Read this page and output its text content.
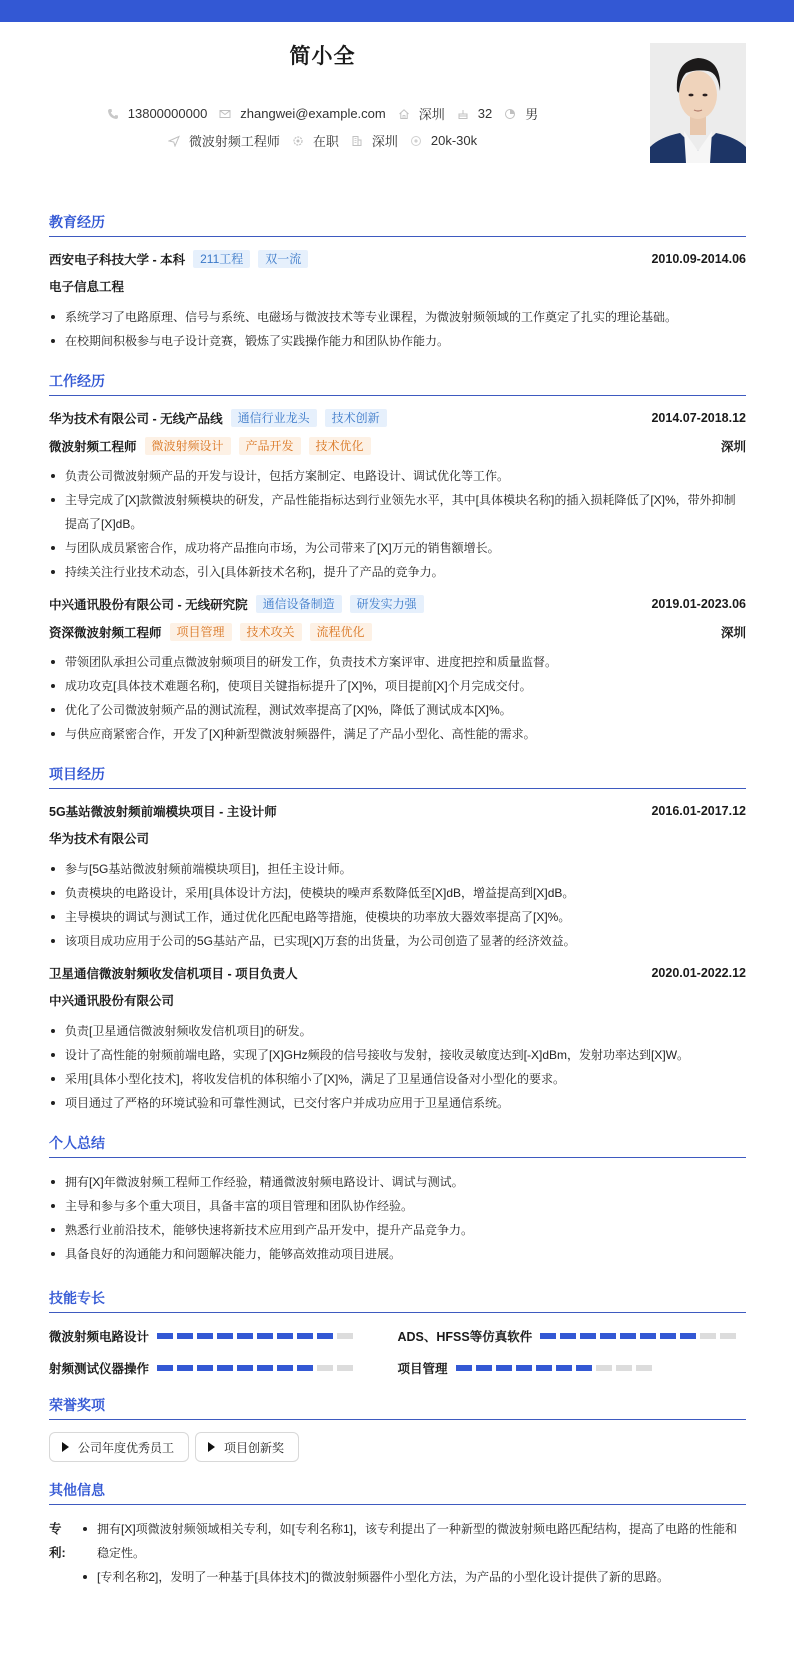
简小全
13800000000	zhangwei@example.com	深圳	32	男
微波射频工程师	在职	深圳	20k-30k
教育经历
西安电子科技大学 - 本科	211工程	双一流	2010.09-2014.06
电子信息工程
系统学习了电路原理、信号与系统、电磁场与微波技术等专业课程，为微波射频领域的工作奠定了扎实的理论基础。
在校期间积极参与电子设计竞赛，锻炼了实践操作能力和团队协作能力。
工作经历
华为技术有限公司 - 无线产品线	通信行业龙头	技术创新	2014.07-2018.12
微波射频工程师	微波射频设计	产品开发	技术优化	深圳
负责公司微波射频产品的开发与设计，包括方案制定、电路设计、调试优化等工作。
主导完成了[X]款微波射频模块的研发，产品性能指标达到行业领先水平，其中[具体模块名称]的插入损耗降低了[X]%，带外抑制提高了[X]dB。
与团队成员紧密合作，成功将产品推向市场，为公司带来了[X]万元的销售额增长。
持续关注行业技术动态，引入[具体新技术名称]，提升了产品的竞争力。
中兴通讯股份有限公司 - 无线研究院	通信设备制造	研发实力强	2019.01-2023.06
资深微波射频工程师	项目管理	技术攻关	流程优化	深圳
带领团队承担公司重点微波射频项目的研发工作，负责技术方案评审、进度把控和质量监督。
成功攻克[具体技术难题名称]，使项目关键指标提升了[X]%，项目提前[X]个月完成交付。
优化了公司微波射频产品的测试流程，测试效率提高了[X]%，降低了测试成本[X]%。
与供应商紧密合作，开发了[X]种新型微波射频器件，满足了产品小型化、高性能的需求。
项目经历
5G基站微波射频前端模块项目 - 主设计师	2016.01-2017.12
华为技术有限公司
参与[5G基站微波射频前端模块项目]，担任主设计师。
负责模块的电路设计，采用[具体设计方法]，使模块的噪声系数降低至[X]dB，增益提高到[X]dB。
主导模块的调试与测试工作，通过优化匹配电路等措施，使模块的功率放大器效率提高了[X]%。
该项目成功应用于公司的5G基站产品，已实现[X]万套的出货量，为公司创造了显著的经济效益。
卫星通信微波射频收发信机项目 - 项目负责人	2020.01-2022.12
中兴通讯股份有限公司
负责[卫星通信微波射频收发信机项目]的研发。
设计了高性能的射频前端电路，实现了[X]GHz频段的信号接收与发射，接收灵敏度达到[-X]dBm，发射功率达到[X]W。
采用[具体小型化技术]，将收发信机的体积缩小了[X]%，满足了卫星通信设备对小型化的要求。
项目通过了严格的环境试验和可靠性测试，已交付客户并成功应用于卫星通信系统。
个人总结
拥有[X]年微波射频工程师工作经验，精通微波射频电路设计、调试与测试。
主导和参与多个重大项目，具备丰富的项目管理和团队协作经验。
熟悉行业前沿技术，能够快速将新技术应用到产品开发中，提升产品竞争力。
具备良好的沟通能力和问题解决能力，能够高效推动项目进展。
技能专长
微波射频电路设计	ADS、HFSS等仿真软件
射频测试仪器操作	项目管理
荣誉奖项
公司年度优秀员工	项目创新奖
其他信息
专利:
拥有[X]项微波射频领域相关专利，如[专利名称1]，该专利提出了一种新型的微波射频电路匹配结构，提高了电路的性能和稳定性。
[专利名称2]，发明了一种基于[具体技术]的微波射频器件小型化方法，为产品的小型化设计提供了新的思路。
